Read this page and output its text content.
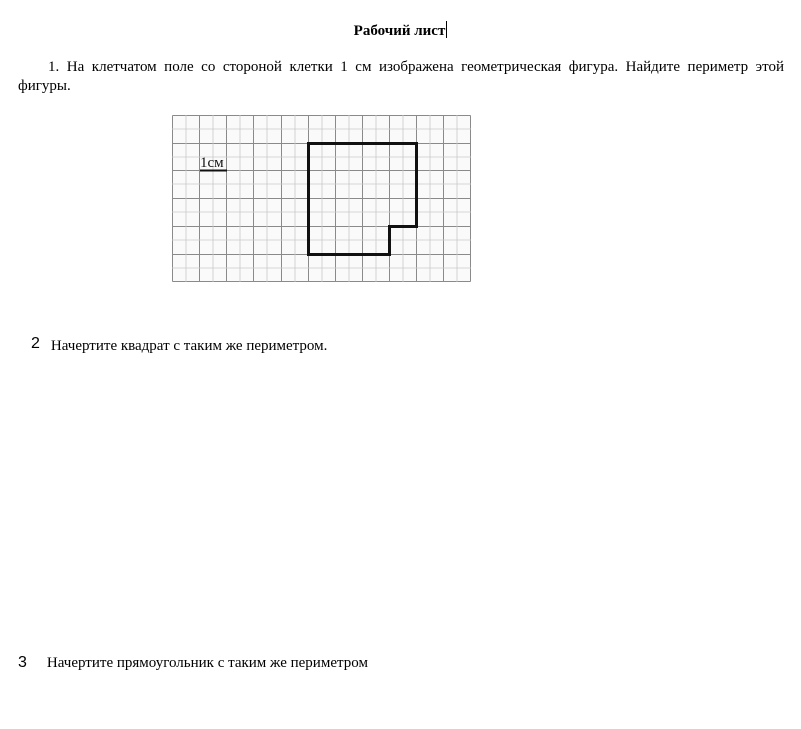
Рабочий лист
1. На клетчатом поле со стороной клетки 1 см изображена геометрическая фигура. Найдите периметр этой фигуры.
1см
2 Начертите квадрат с таким же периметром.
3 Начертите прямоугольник с таким же периметром
